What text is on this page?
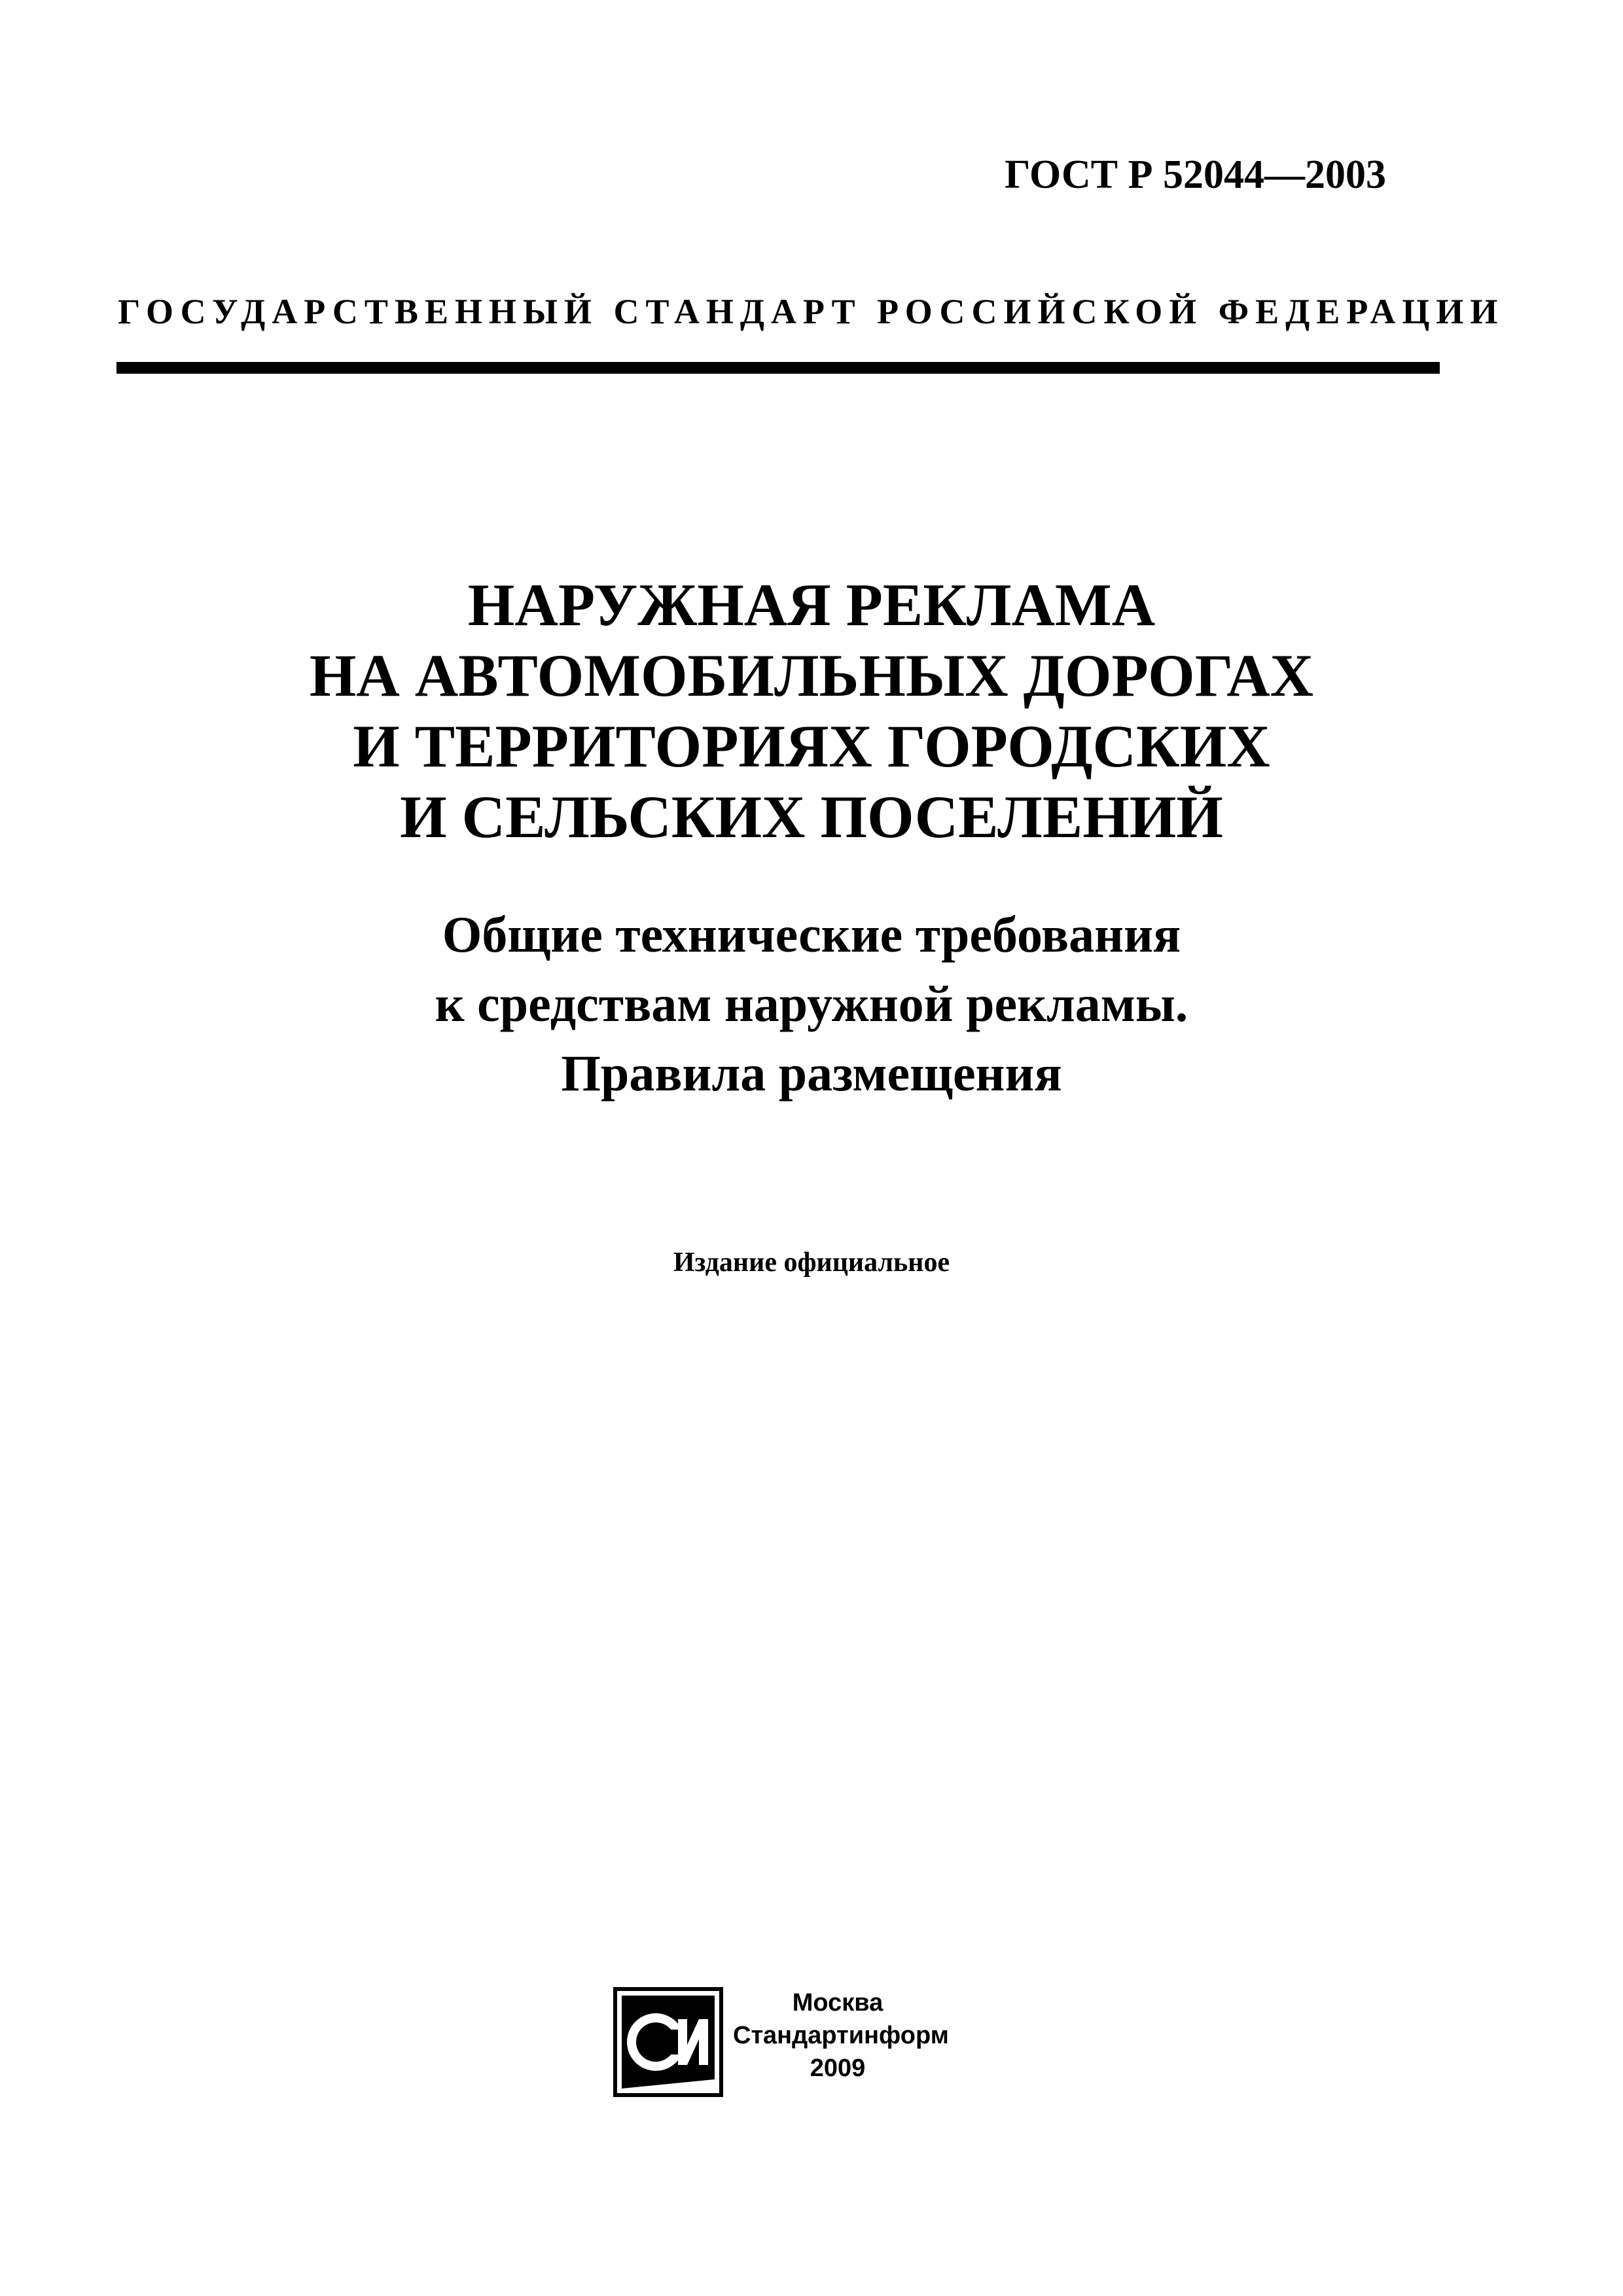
ГОСТ Р 52044—2003
ГОСУДАРСТВЕННЫЙ СТАНДАРТ РОССИЙСКОЙ ФЕДЕРАЦИИ
НАРУЖНАЯ РЕКЛАМА
НА АВТОМОБИЛЬНЫХ ДОРОГАХ
И ТЕРРИТОРИЯХ ГОРОДСКИХ
И СЕЛЬСКИХ ПОСЕЛЕНИЙ
Общие технические требования
к средствам наружной рекламы.
Правила размещения
Издание официальное
Москва
Стандартинформ
2009
